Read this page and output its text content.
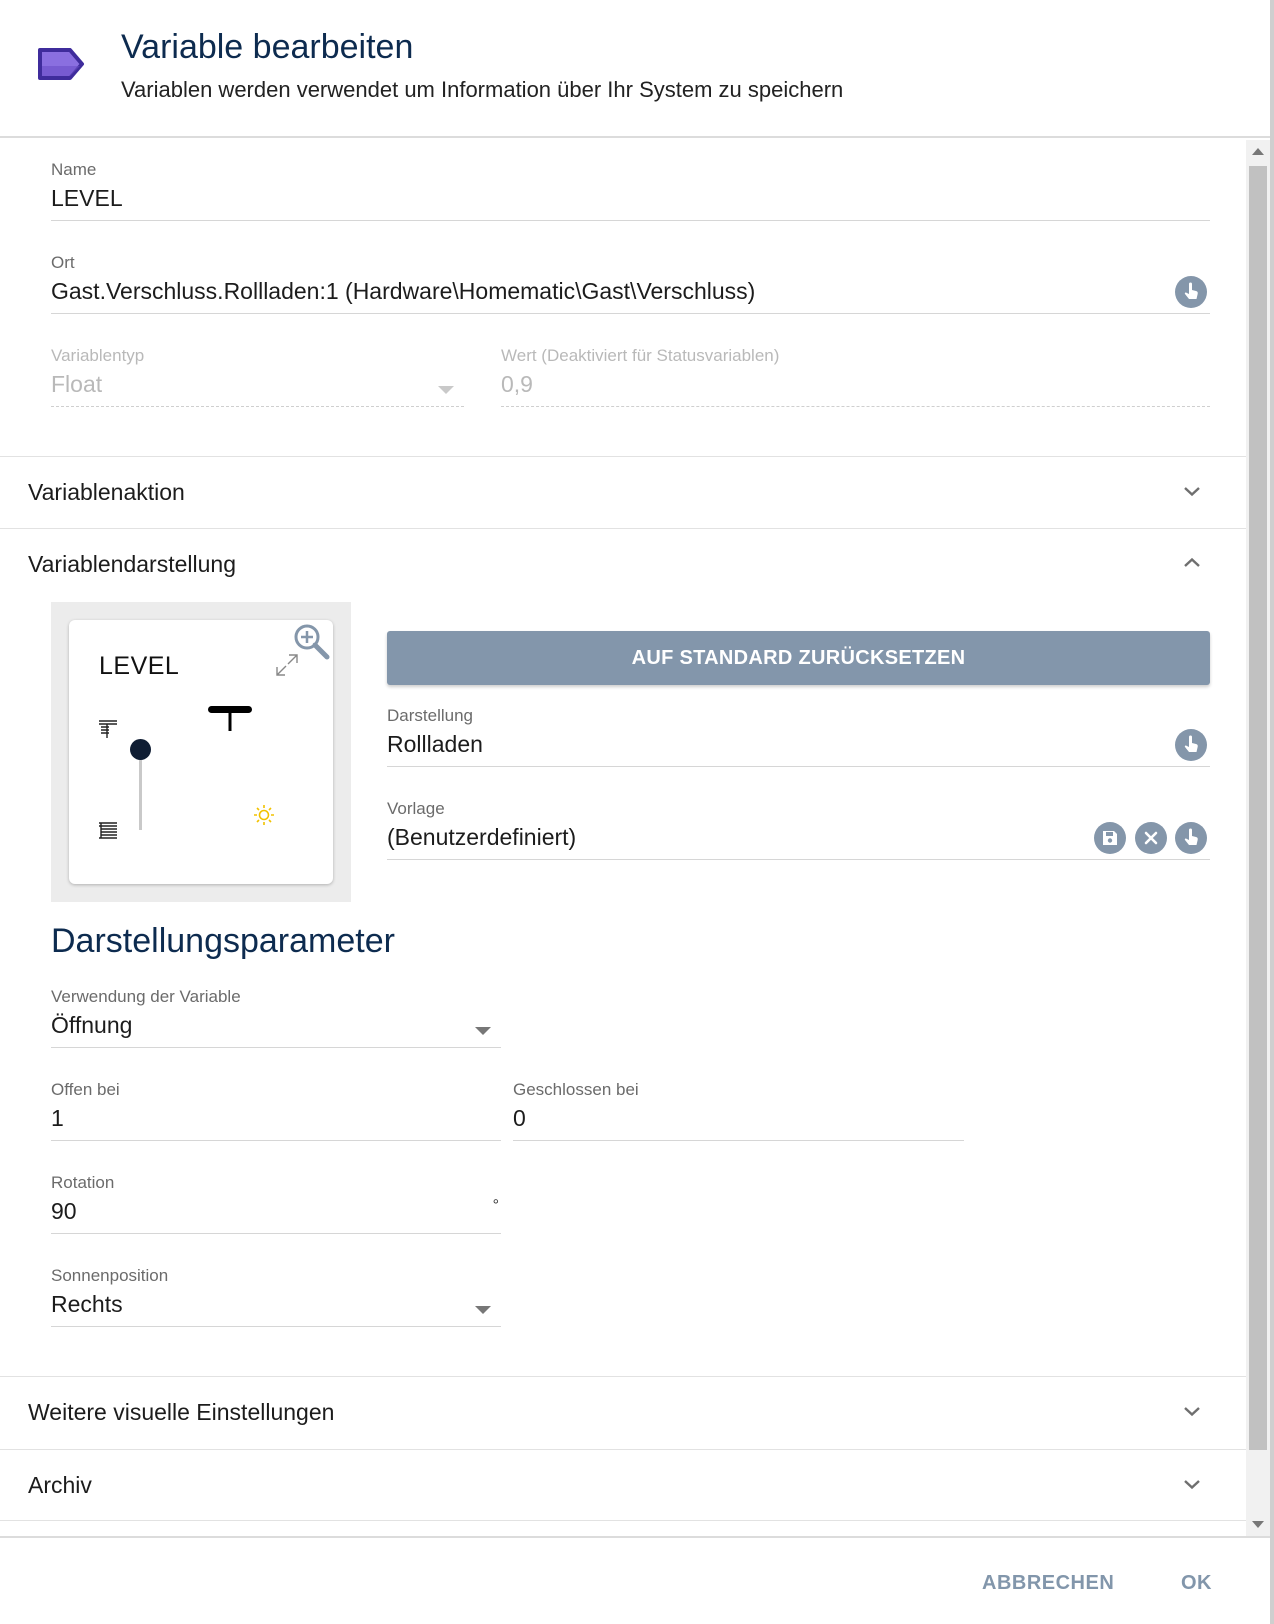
Variable bearbeiten
Variablen werden verwendet um Information über Ihr System zu speichern
Name
LEVEL
Ort
Gast.Verschluss.Rollladen:1 (Hardware\Homematic\Gast\Verschluss)
Variablentyp
Float
Wert (Deaktiviert für Statusvariablen)
0,9
Variablenaktion
Variablendarstellung
LEVEL	AUF STANDARD ZURÜCKSETZEN
Darstellung
Rollladen
Vorlage
(Benutzerdefiniert)
Darstellungsparameter
Verwendung der Variable
Öffnung
Offen bei
1
Geschlossen bei
0
Rotation
90	°
Sonnenposition
Rechts
Weitere visuelle Einstellungen
Archiv
ABBRECHEN	OK
